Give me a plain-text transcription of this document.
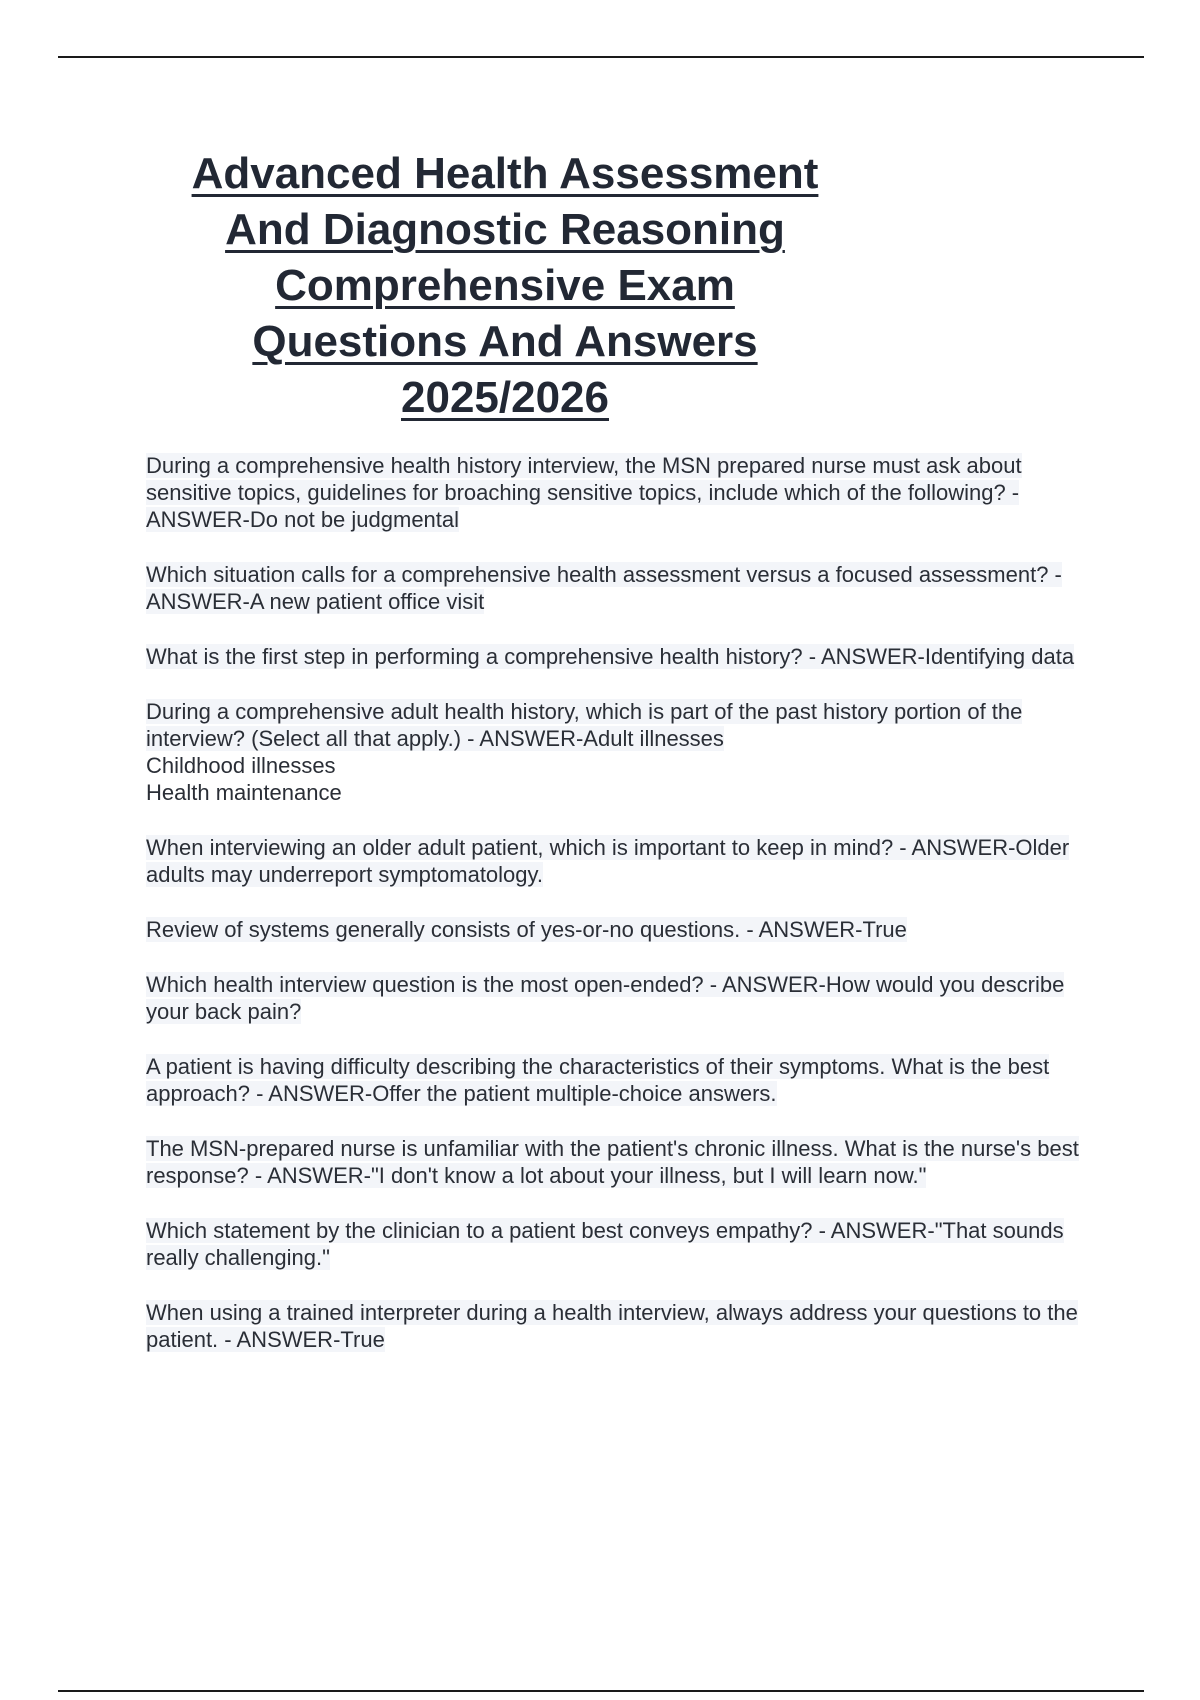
Advanced Health Assessment
And Diagnostic Reasoning
Comprehensive Exam
Questions And Answers
2025/2026
During a comprehensive health history interview, the MSN prepared nurse must ask about sensitive topics, guidelines for broaching sensitive topics, include which of the following? - ANSWER-Do not be judgmental
Which situation calls for a comprehensive health assessment versus a focused assessment? - ANSWER-A new patient office visit
What is the first step in performing a comprehensive health history? - ANSWER-Identifying data
During a comprehensive adult health history, which is part of the past history portion of the interview? (Select all that apply.) - ANSWER-Adult illnesses
Childhood illnesses
Health maintenance
When interviewing an older adult patient, which is important to keep in mind? - ANSWER-Older adults may underreport symptomatology.
Review of systems generally consists of yes-or-no questions. - ANSWER-True
Which health interview question is the most open-ended? - ANSWER-How would you describe your back pain?
A patient is having difficulty describing the characteristics of their symptoms. What is the best approach? - ANSWER-Offer the patient multiple-choice answers.
The MSN-prepared nurse is unfamiliar with the patient's chronic illness. What is the nurse's best response? - ANSWER-"I don't know a lot about your illness, but I will learn now."
Which statement by the clinician to a patient best conveys empathy? - ANSWER-"That sounds really challenging."
When using a trained interpreter during a health interview, always address your questions to the patient. - ANSWER-True
